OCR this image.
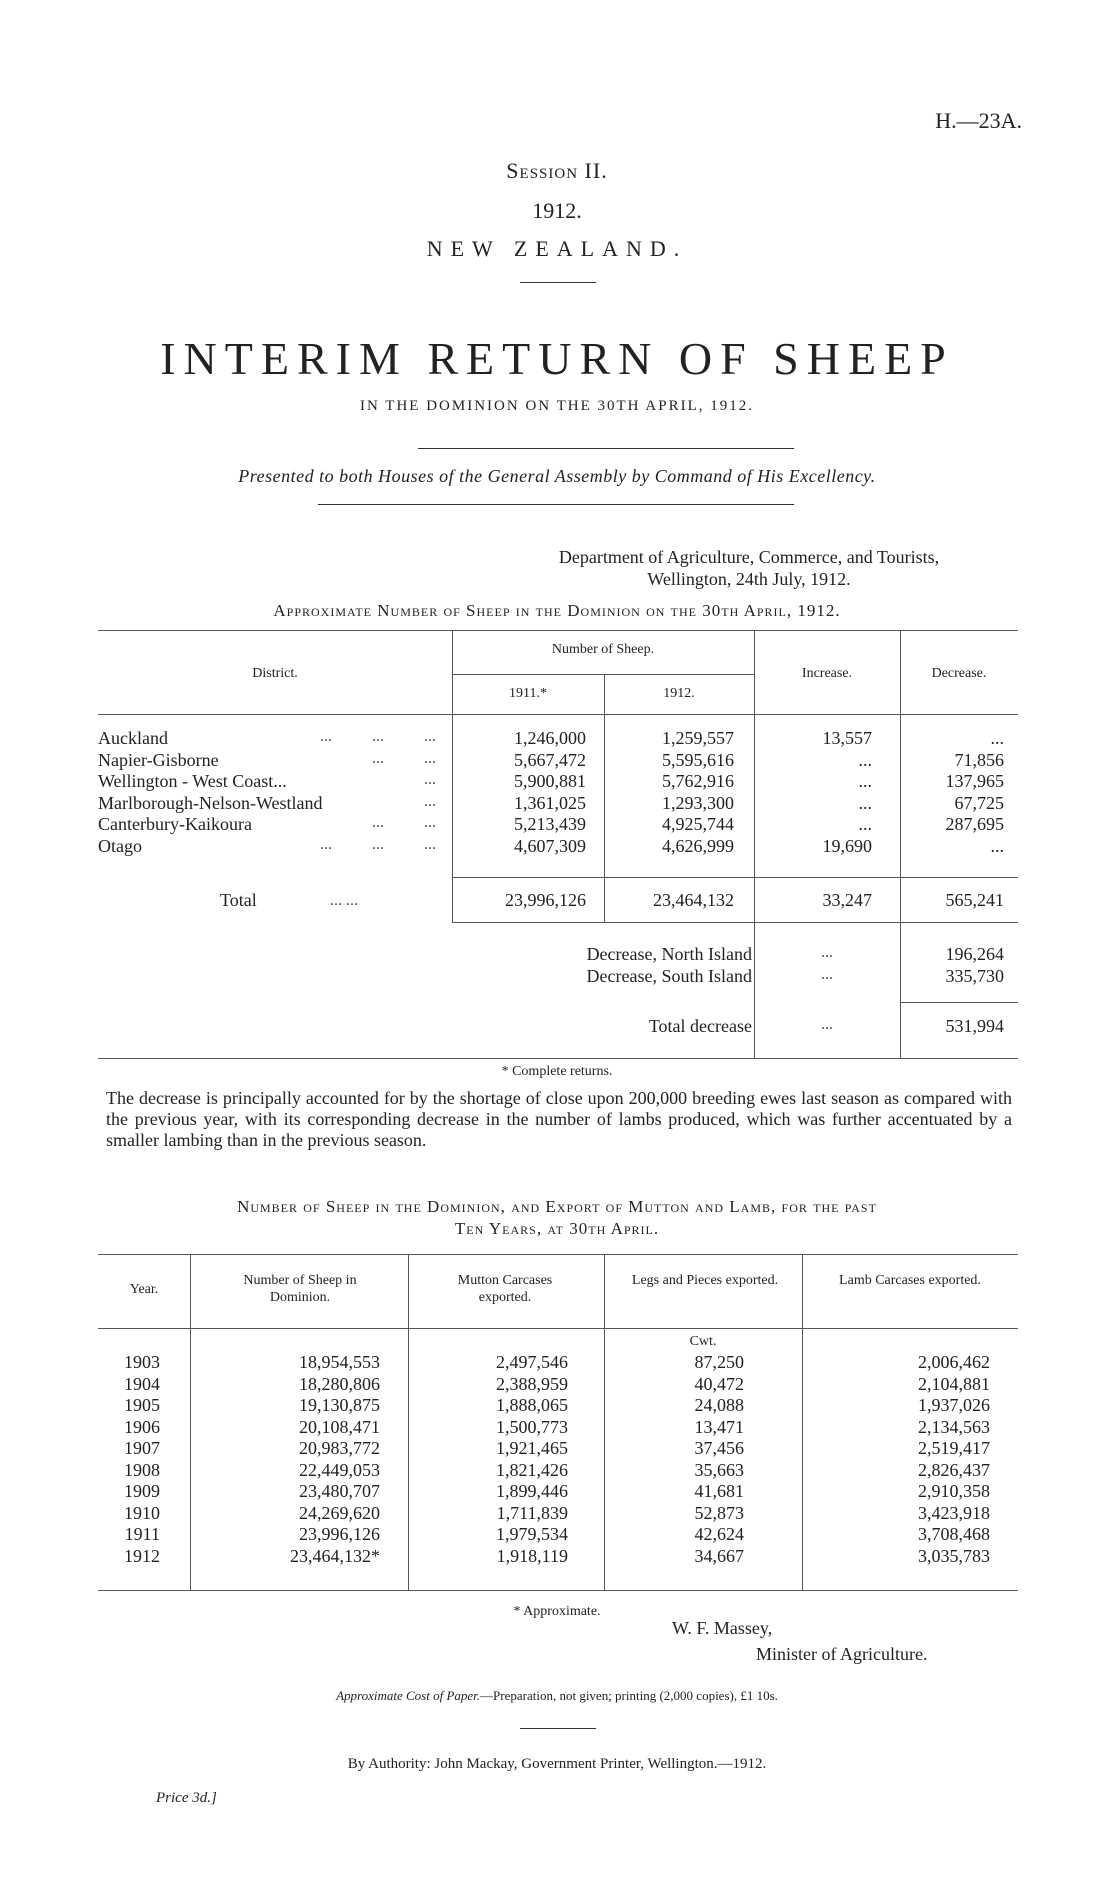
H.—23A.
Session II.
1912.
NEW ZEALAND.
INTERIM RETURN OF SHEEP
IN THE DOMINION ON THE 30TH APRIL, 1912.
Presented to both Houses of the General Assembly by Command of His Excellency.
Department of Agriculture, Commerce, and Tourists,
Wellington, 24th July, 1912.
Approximate Number of Sheep in the Dominion on the 30th April, 1912.
District.
Number of Sheep.
1911.*	1912.
Increase.	Decrease.
Auckland	...          ...          ...	1,246,000	1,259,557	13,557	...
Napier-Gisborne	...          ...	5,667,472	5,595,616	...	71,856
Wellington - West Coast...	...	5,900,881	5,762,916	...	137,965
Marlborough-Nelson-Westland	...	1,361,025	1,293,300	...	67,725
Canterbury-Kaikoura	...          ...	5,213,439	4,925,744	...	287,695
Otago	...          ...          ...	4,607,309	4,626,999	19,690	...
Total	... ...	23,996,126	23,464,132	33,247	565,241
Decrease, North Island	...	196,264
Decrease, South Island	...	335,730
Total decrease	...	531,994
* Complete returns.
The decrease is principally accounted for by the shortage of close upon 200,000 breeding ewes last season as compared with the previous year, with its corresponding decrease in the number of lambs produced, which was further accentuated by a smaller lambing than in the previous season.
Number of Sheep in the Dominion, and Export of Mutton and Lamb, for the past
Ten Years, at 30th April.
Year.
Number of Sheep in Dominion.
Mutton Carcases exported.
Legs and Pieces exported.	Lamb Carcases exported.
Cwt.
1903	18,954,553	2,497,546	87,250	2,006,462
1904	18,280,806	2,388,959	40,472	2,104,881
1905	19,130,875	1,888,065	24,088	1,937,026
1906	20,108,471	1,500,773	13,471	2,134,563
1907	20,983,772	1,921,465	37,456	2,519,417
1908	22,449,053	1,821,426	35,663	2,826,437
1909	23,480,707	1,899,446	41,681	2,910,358
1910	24,269,620	1,711,839	52,873	3,423,918
1911	23,996,126	1,979,534	42,624	3,708,468
1912	23,464,132*	1,918,119	34,667	3,035,783
* Approximate.
W. F. Massey,
Minister of Agriculture.
Approximate Cost of Paper.—Preparation, not given; printing (2,000 copies), £1 10s.
By Authority: John Mackay, Government Printer, Wellington.—1912.
Price 3d.]
